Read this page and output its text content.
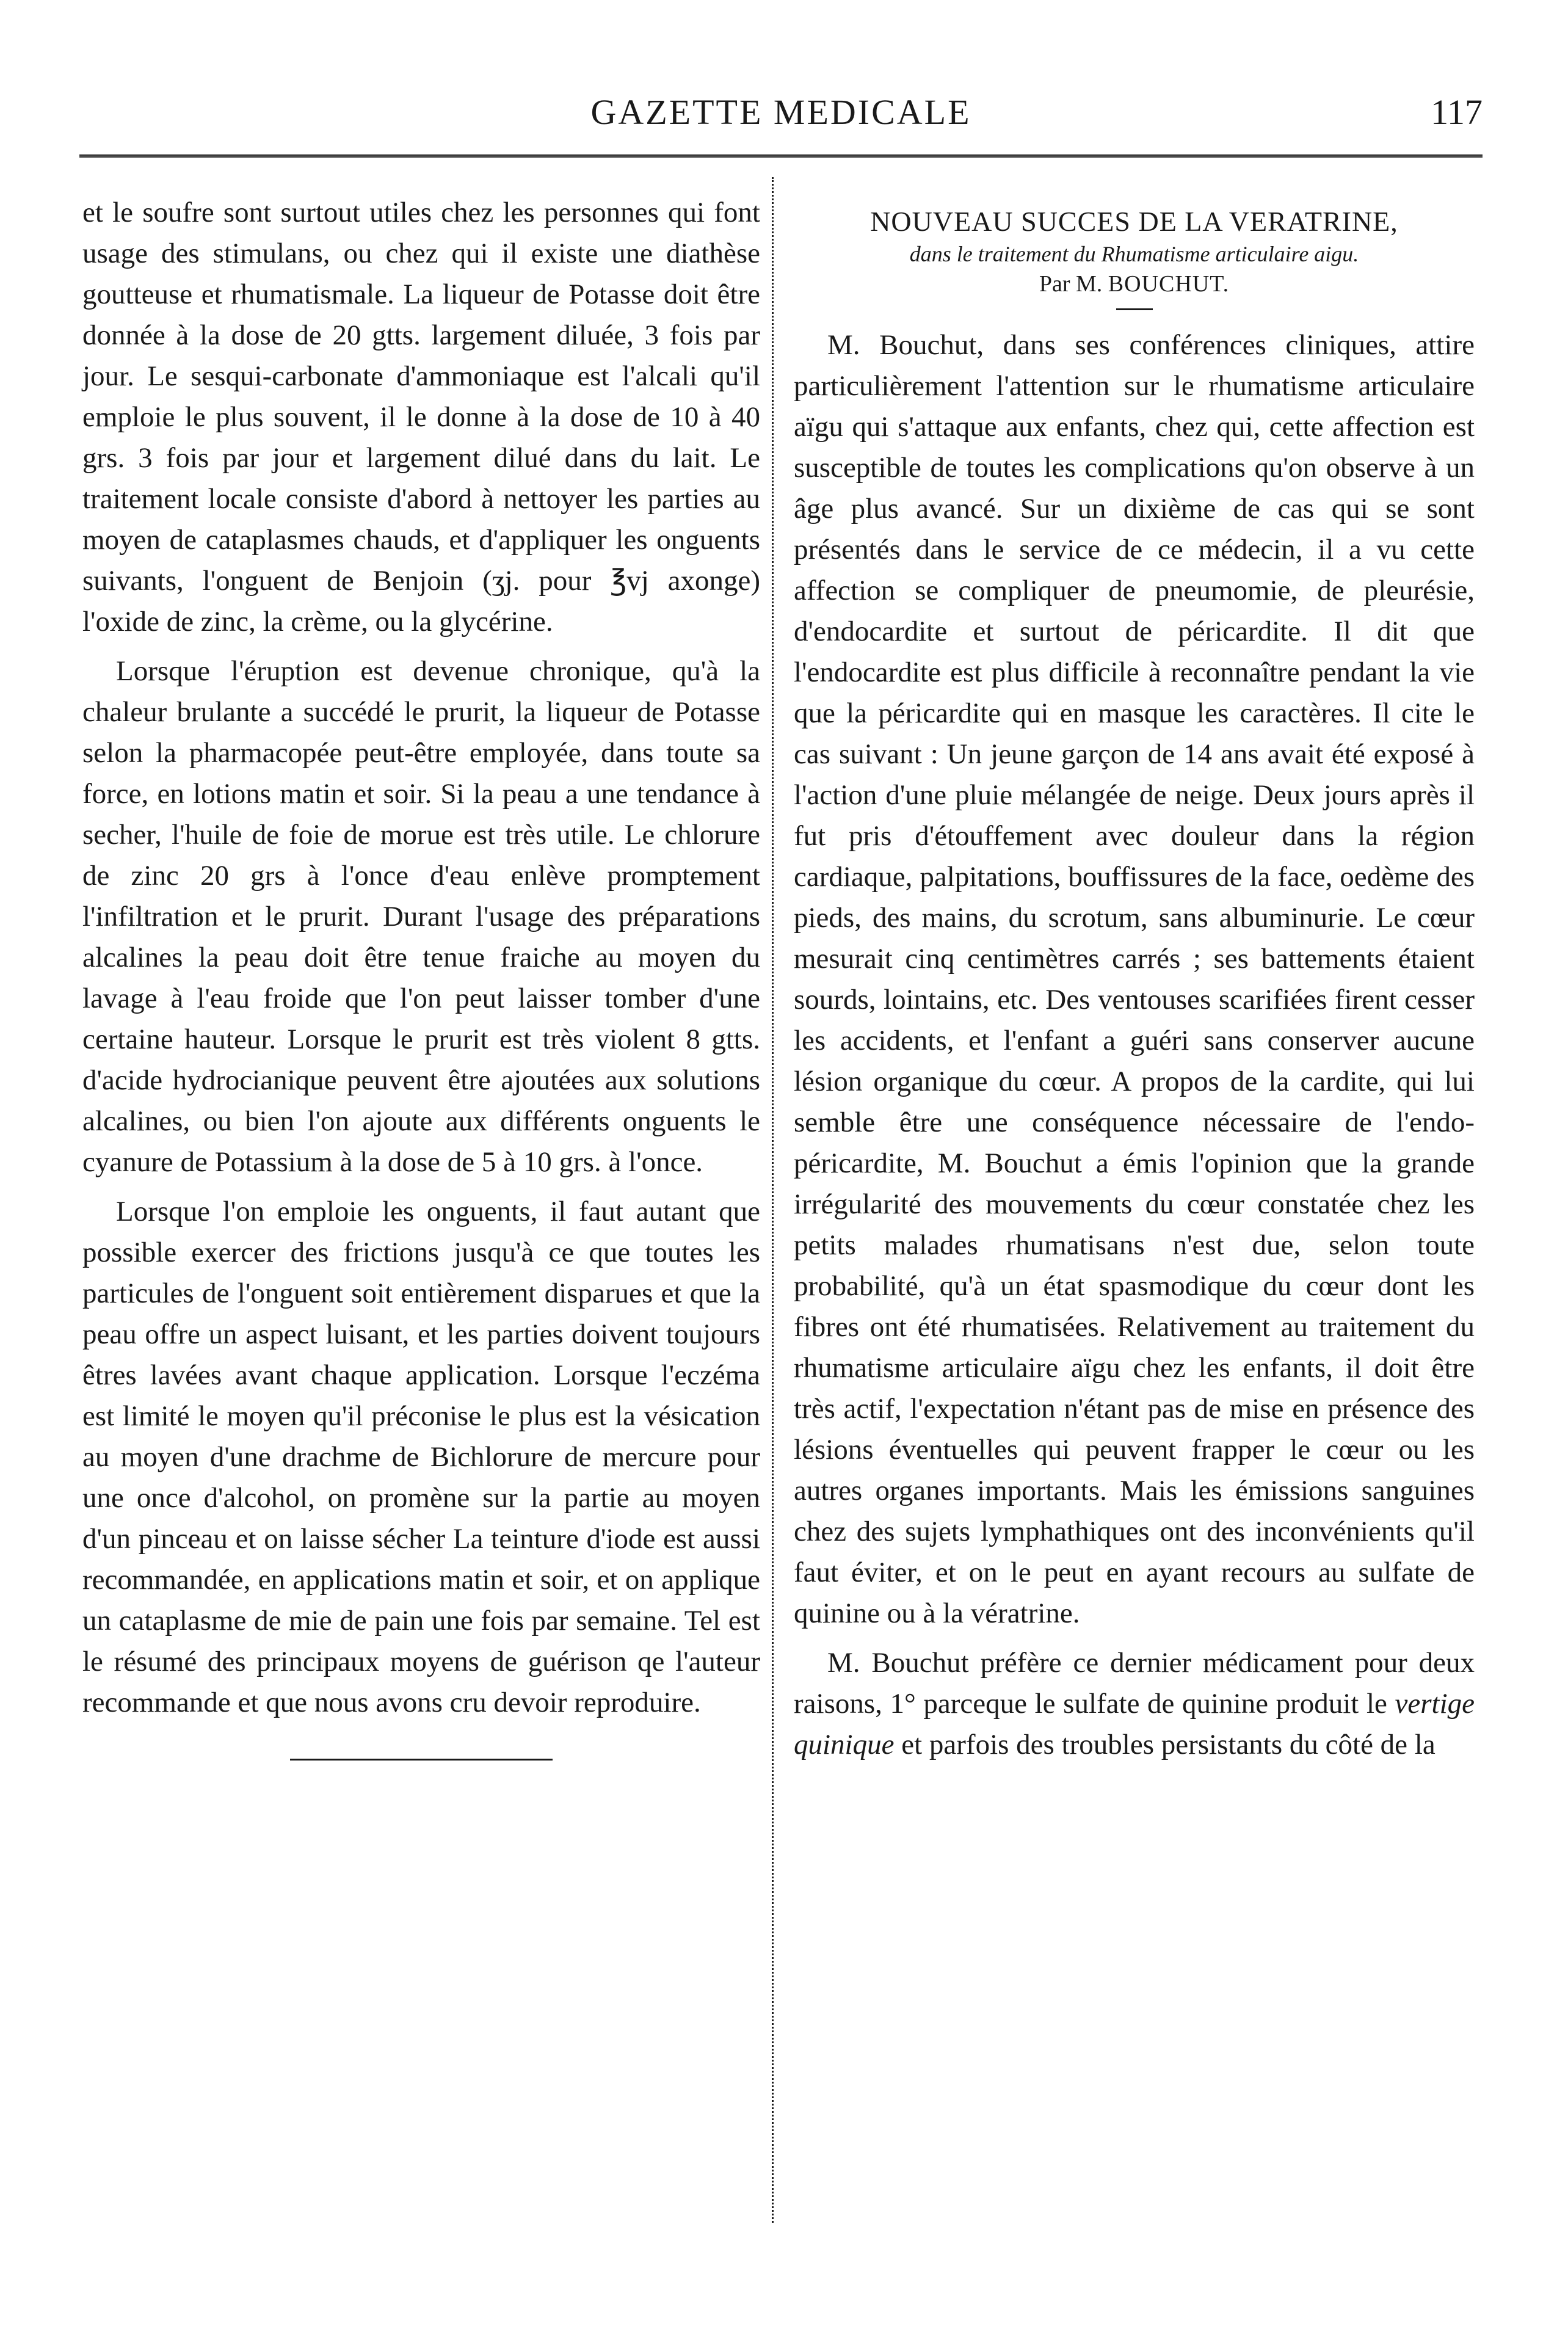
GAZETTE MEDICALE	117

et le soufre sont surtout utiles chez les personnes qui font usage des stimulans, ou chez qui il existe une diathèse goutteuse et rhumatismale. La liqueur de Potasse doit être donnée à la dose de 20 gtts. largement diluée, 3 fois par jour. Le sesqui-carbonate d'ammoniaque est l'alcali qu'il emploie le plus souvent, il le donne à la dose de 10 à 40 grs. 3 fois par jour et largement dilué dans du lait. Le traitement locale consiste d'abord à nettoyer les parties au moyen de cataplasmes chauds, et d'appliquer les onguents suivants, l'onguent de Benjoin (ʒj. pour ℥vj axonge) l'oxide de zinc, la crème, ou la glycérine.

Lorsque l'éruption est devenue chronique, qu'à la chaleur brulante a succédé le prurit, la liqueur de Potasse selon la pharmacopée peut-être employée, dans toute sa force, en lotions matin et soir. Si la peau a une tendance à secher, l'huile de foie de morue est très utile. Le chlorure de zinc 20 grs à l'once d'eau enlève promptement l'infiltration et le prurit. Durant l'usage des préparations alcalines la peau doit être tenue fraiche au moyen du lavage à l'eau froide que l'on peut laisser tomber d'une certaine hauteur. Lorsque le prurit est très violent 8 gtts. d'acide hydrocianique peuvent être ajoutées aux solutions alcalines, ou bien l'on ajoute aux différents onguents le cyanure de Potassium à la dose de 5 à 10 grs. à l'once.

Lorsque l'on emploie les onguents, il faut autant que possible exercer des frictions jusqu'à ce que toutes les particules de l'onguent soit entièrement disparues et que la peau offre un aspect luisant, et les parties doivent toujours êtres lavées avant chaque application. Lorsque l'eczéma est limité le moyen qu'il préconise le plus est la vésication au moyen d'une drachme de Bichlorure de mercure pour une once d'alcohol, on promène sur la partie au moyen d'un pinceau et on laisse sécher La teinture d'iode est aussi recommandée, en applications matin et soir, et on applique un cataplasme de mie de pain une fois par semaine. Tel est le résumé des principaux moyens de guérison qe l'auteur recommande et que nous avons cru devoir reproduire.

NOUVEAU SUCCES DE LA VERATRINE,
dans le traitement du Rhumatisme articulaire aigu.
Par M. BOUCHUT.

M. Bouchut, dans ses conférences cliniques, attire particulièrement l'attention sur le rhumatisme articulaire aïgu qui s'attaque aux enfants, chez qui, cette affection est susceptible de toutes les complications qu'on observe à un âge plus avancé. Sur un dixième de cas qui se sont présentés dans le service de ce médecin, il a vu cette affection se compliquer de pneumomie, de pleurésie, d'endocardite et surtout de péricardite. Il dit que l'endocardite est plus difficile à reconnaître pendant la vie que la péricardite qui en masque les caractères. Il cite le cas suivant : Un jeune garçon de 14 ans avait été exposé à l'action d'une pluie mélangée de neige. Deux jours après il fut pris d'étouffement avec douleur dans la région cardiaque, palpitations, bouffissures de la face, oedème des pieds, des mains, du scrotum, sans albuminurie. Le cœur mesurait cinq centimètres carrés ; ses battements étaient sourds, lointains, etc. Des ventouses scarifiées firent cesser les accidents, et l'enfant a guéri sans conserver aucune lésion organique du cœur. A propos de la cardite, qui lui semble être une conséquence nécessaire de l'endo-péricardite, M. Bouchut a émis l'opinion que la grande irrégularité des mouvements du cœur constatée chez les petits malades rhumatisans n'est due, selon toute probabilité, qu'à un état spasmodique du cœur dont les fibres ont été rhumatisées. Relativement au traitement du rhumatisme articulaire aïgu chez les enfants, il doit être très actif, l'expectation n'étant pas de mise en présence des lésions éventuelles qui peuvent frapper le cœur ou les autres organes importants. Mais les émissions sanguines chez des sujets lymphathiques ont des inconvénients qu'il faut éviter, et on le peut en ayant recours au sulfate de quinine ou à la vératrine.

M. Bouchut préfère ce dernier médicament pour deux raisons, 1° parceque le sulfate de quinine produit le vertige quinique et parfois des troubles persistants du côté de la
